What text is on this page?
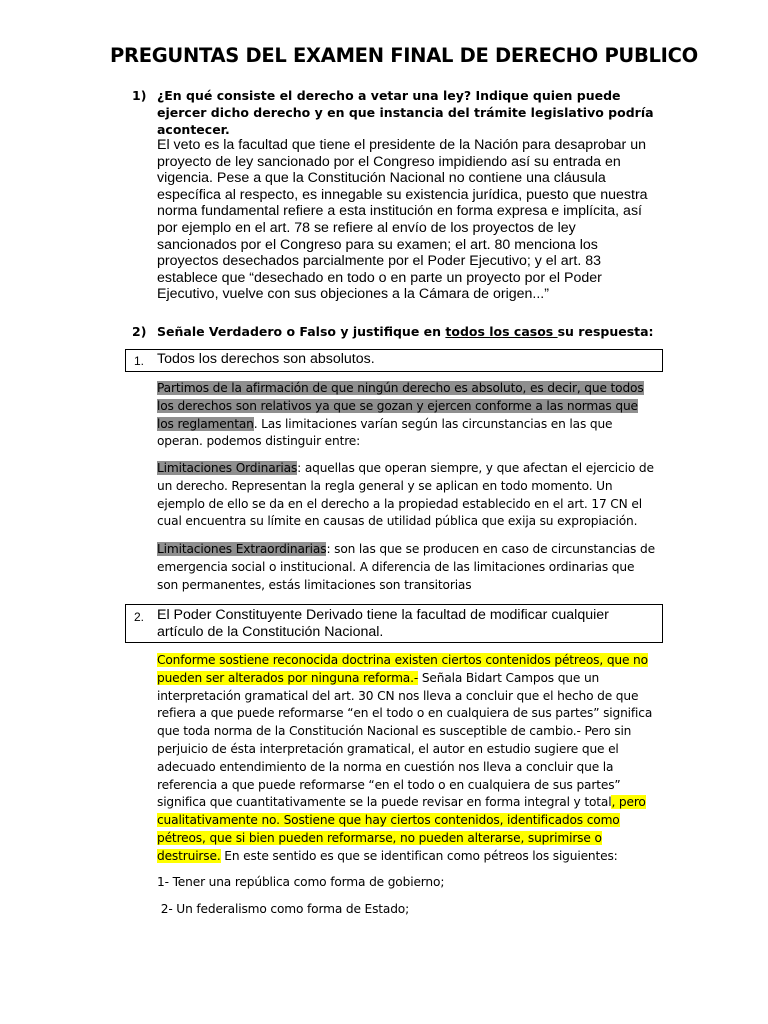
PREGUNTAS DEL EXAMEN FINAL DE DERECHO PUBLICO
1) ¿En qué consiste el derecho a vetar una ley? Indique quien puede ejercer dicho derecho y en que instancia del trámite legislativo podría acontecer.

El veto es la facultad que tiene el presidente de la Nación para desaprobar un proyecto de ley sancionado por el Congreso impidiendo así su entrada en vigencia. Pese a que la Constitución Nacional no contiene una cláusula específica al respecto, es innegable su existencia jurídica, puesto que nuestra norma fundamental refiere a esta institución en forma expresa e implícita, así por ejemplo en el art. 78 se refiere al envío de los proyectos de ley sancionados por el Congreso para su examen; el art. 80 menciona los proyectos desechados parcialmente por el Poder Ejecutivo; y el art. 83 establece que “desechado en todo o en parte un proyecto por el Poder Ejecutivo, vuelve con sus objeciones a la Cámara de origen...”

2) Señale Verdadero o Falso y justifique en todos los casos su respuesta:
1. Todos los derechos son absolutos.

Partimos de la afirmación de que ningún derecho es absoluto, es decir, que todos los derechos son relativos ya que se gozan y ejercen conforme a las normas que los reglamentan. Las limitaciones varían según las circunstancias en las que operan. podemos distinguir entre:

Limitaciones Ordinarias: aquellas que operan siempre, y que afectan el ejercicio de un derecho. Representan la regla general y se aplican en todo momento. Un ejemplo de ello se da en el derecho a la propiedad establecido en el art. 17 CN el cual encuentra su límite en causas de utilidad pública que exija su expropiación.

Limitaciones Extraordinarias: son las que se producen en caso de circunstancias de emergencia social o institucional. A diferencia de las limitaciones ordinarias que son permanentes, estás limitaciones son transitorias

2. El Poder Constituyente Derivado tiene la facultad de modificar cualquier artículo de la Constitución Nacional.

Conforme sostiene reconocida doctrina existen ciertos contenidos pétreos, que no pueden ser alterados por ninguna reforma.- Señala Bidart Campos que un interpretación gramatical del art. 30 CN nos lleva a concluir que el hecho de que refiera a que puede reformarse “en el todo o en cualquiera de sus partes” significa que toda norma de la Constitución Nacional es susceptible de cambio.- Pero sin perjuicio de ésta interpretación gramatical, el autor en estudio sugiere que el adecuado entendimiento de la norma en cuestión nos lleva a concluir que la referencia a que puede reformarse “en el todo o en cualquiera de sus partes” significa que cuantitativamente se la puede revisar en forma integral y total, pero cualitativamente no. Sostiene que hay ciertos contenidos, identificados como pétreos, que si bien pueden reformarse, no pueden alterarse, suprimirse o destruirse. En este sentido es que se identifican como pétreos los siguientes:

1- Tener una república como forma de gobierno;

2- Un federalismo como forma de Estado;
